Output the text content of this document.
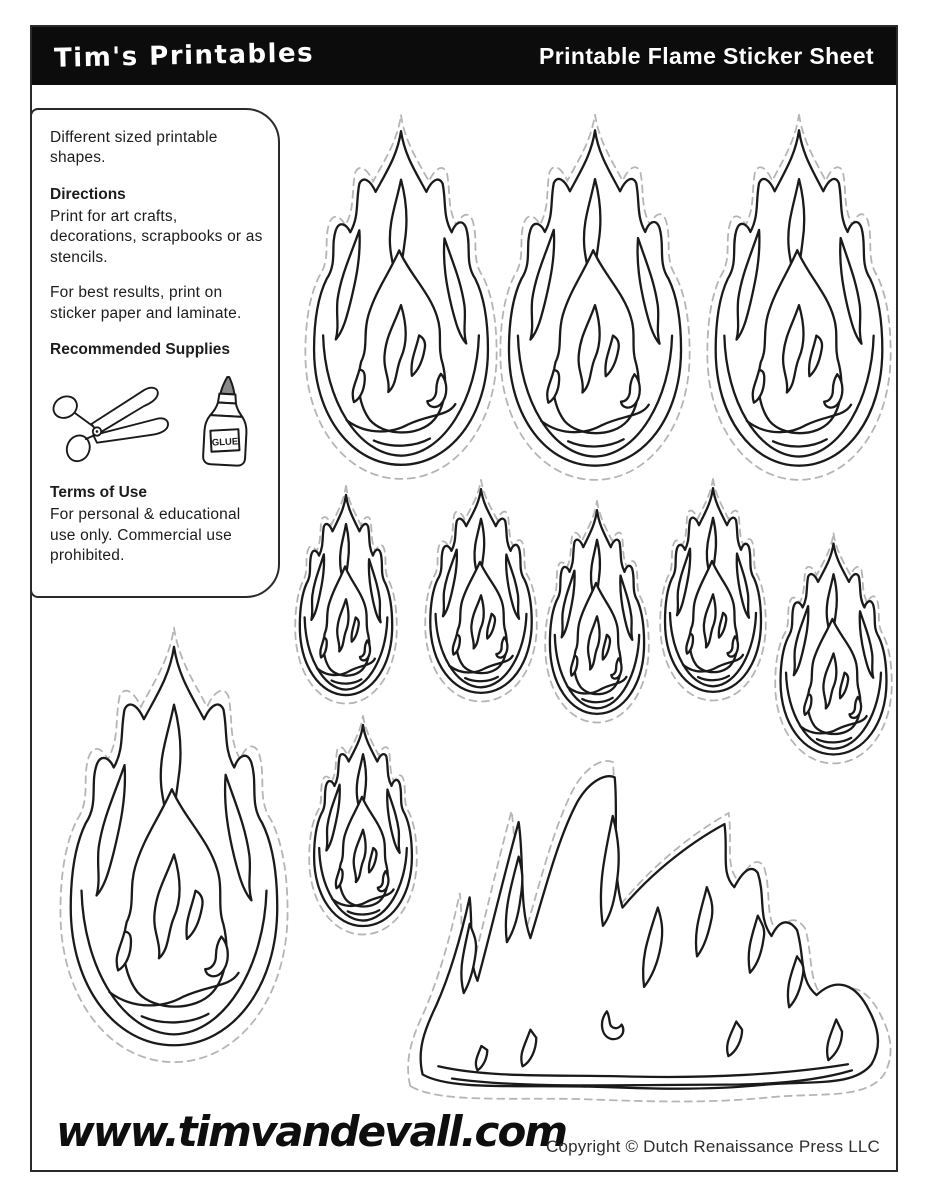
Tim's Printables	Printable Flame Sticker Sheet

Different sized printable shapes.

Directions

Print for art crafts, decorations, scrapbooks or as stencils.

For best results, print on sticker paper and laminate.

Recommended Supplies
GLUE
Terms of Use

For personal & educational use only. Commercial use prohibited.

www.timvandevall.com
Copyright © Dutch Renaissance Press LLC
